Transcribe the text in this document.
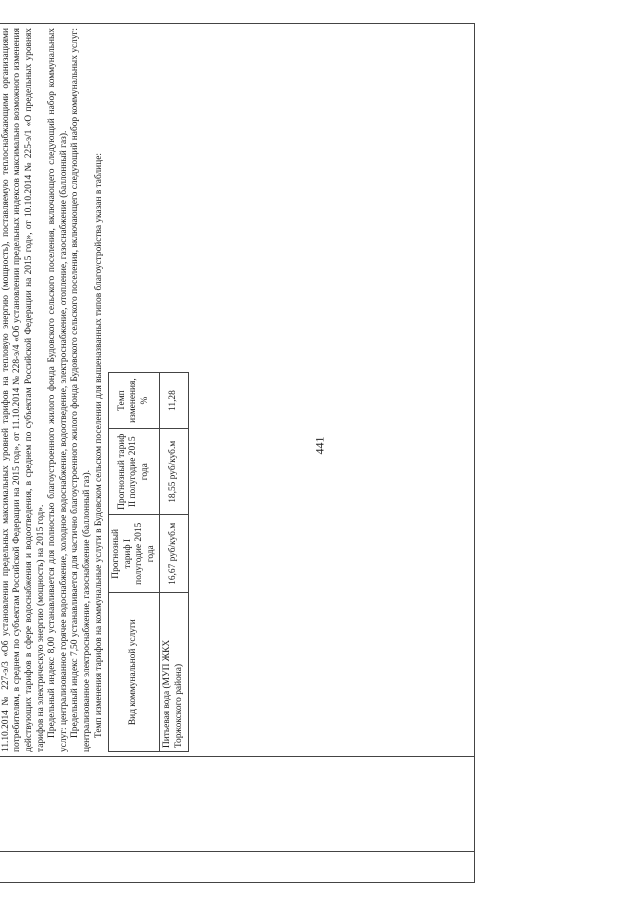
441

11.10.2014 № 227-э/3 «Об установлении предельных максимальных уровней тарифов на тепловую энергию (мощность), поставляемую теплоснабжающими организациями потребителям, в среднем по субъектам Российской Федерации на 2015 год», от 11.10.2014 № 228-э/4 «Об установлении предельных индексов максимально возможного изменения действующих тарифов в сфере водоснабжения и водоотведения, в среднем по субъектам Российской Федерации на 2015 год», от 10.10.2014 № 225-э/1 «О предельных уровнях тарифов на электрическую энергию (мощность) на 2015 год». Предельный индекс 8,00 устанавливается для полностью благоустроенного жилого фонда Будовского сельского поселения, включающего следующий набор коммунальных услуг: централизованное горячее водоснабжение, холодное водоснабжение, водоотведение, электроснабжение, отопление, газоснабжение (баллонный газ). Предельный индекс 7,50 устанавливается для частично благоустроенного жилого фонда Будовского сельского поселения, включающего следующий набор коммунальных услуг: централизованное электроснабжение, газоснабжение (баллонный газ). Темп изменения тарифов на коммунальные услуги в Будовском сельском поселении для вышеназванных типов благоустройства указан в таблице:	Вид коммунальной услуги	Прогнозный тариф I полугодие 2015 года	Прогнозный тариф II полугодие 2015 года	Темп изменения, %
Питьевая вода (МУП ЖКХ Торжокского района)	16,67 руб/куб.м	18,55 руб/куб.м	11,28
